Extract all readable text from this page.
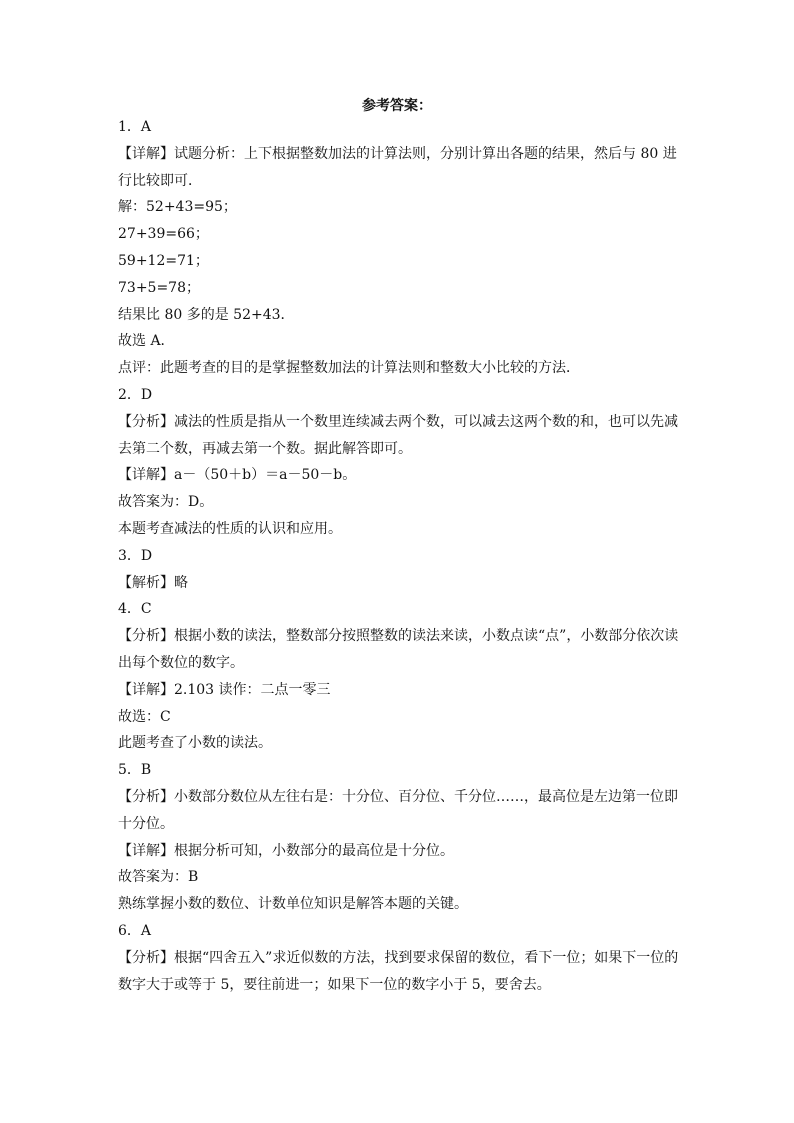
参考答案：
1．A
【详解】试题分析：上下根据整数加法的计算法则，分别计算出各题的结果，然后与 80 进
行比较即可．
解：52+43=95；
27+39=66；
59+12=71；
73+5=78；
结果比 80 多的是 52+43．
故选 A．
点评：此题考查的目的是掌握整数加法的计算法则和整数大小比较的方法．
2．D
【分析】减法的性质是指从一个数里连续减去两个数，可以减去这两个数的和，也可以先减
去第二个数，再减去第一个数。据此解答即可。
【详解】a－（50＋b）＝a－50－b。
故答案为：D。
本题考查减法的性质的认识和应用。
3．D
【解析】略
4．C
【分析】根据小数的读法，整数部分按照整数的读法来读，小数点读“点”，小数部分依次读
出每个数位的数字。
【详解】2.103 读作：二点一零三
故选：C
此题考查了小数的读法。
5．B
【分析】小数部分数位从左往右是：十分位、百分位、千分位……，最高位是左边第一位即
十分位。
【详解】根据分析可知，小数部分的最高位是十分位。
故答案为：B
熟练掌握小数的数位、计数单位知识是解答本题的关键。
6．A
【分析】根据“四舍五入”求近似数的方法，找到要求保留的数位，看下一位；如果下一位的
数字大于或等于 5，要往前进一；如果下一位的数字小于 5，要舍去。
